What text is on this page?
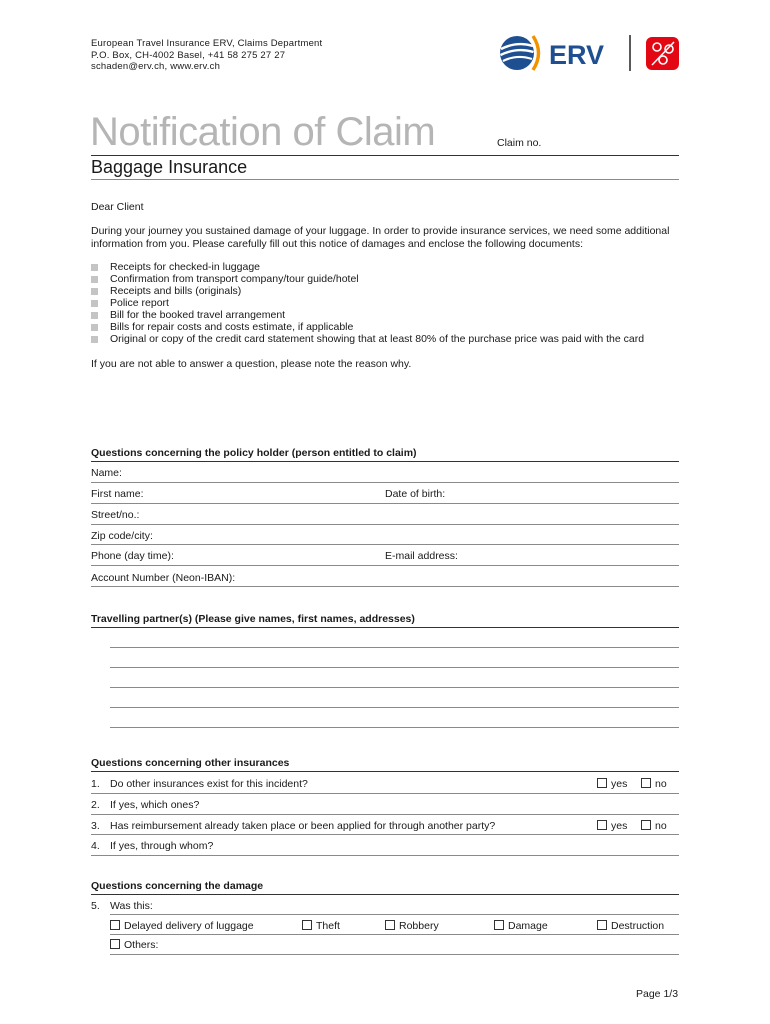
European Travel Insurance ERV, Claims Department
P.O. Box, CH-4002 Basel, +41 58 275 27 27
schaden@erv.ch, www.erv.ch	ERV
Notification of Claim	Claim no.
Baggage Insurance
Dear Client
During your journey you sustained damage of your luggage. In order to provide insurance services, we need some additional information from you. Please carefully fill out this notice of damages and enclose the following documents:
Receipts for checked-in luggage
Confirmation from transport company/tour guide/hotel
Receipts and bills (originals)
Police report
Bill for the booked travel arrangement
Bills for repair costs and costs estimate, if applicable
Original or copy of the credit card statement showing that at least 80% of the purchase price was paid with the card
If you are not able to answer a question, please note the reason why.
Questions concerning the policy holder (person entitled to claim)
Name:
First name:	Date of birth:
Street/no.:
Zip code/city:
Phone (day time):	E-mail address:
Account Number (Neon-IBAN):
Travelling partner(s) (Please give names, first names, addresses)
Questions concerning other insurances
1. Do other insurances exist for this incident?	yes	no
2. If yes, which ones?
3. Has reimbursement already taken place or been applied for through another party?	yes	no
4. If yes, through whom?
Questions concerning the damage
5. Was this:
Delayed delivery of luggage	Theft	Robbery	Damage	Destruction
Others:
Page 1/3
